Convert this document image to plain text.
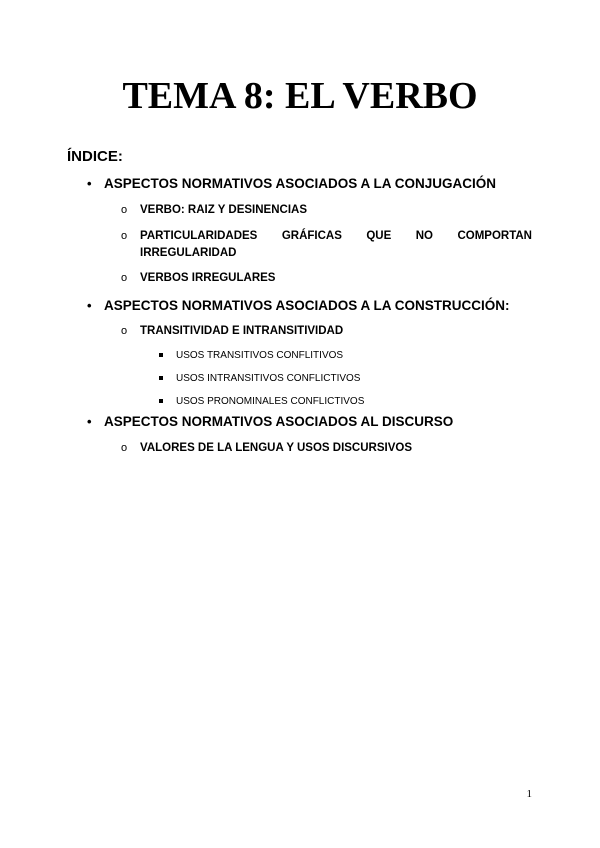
TEMA 8: EL VERBO
ÍNDICE:
• ASPECTOS NORMATIVOS ASOCIADOS A LA CONJUGACIÓN
o VERBO: RAIZ Y DESINENCIAS
o PARTICULARIDADES GRÁFICAS QUE NO COMPORTAN IRREGULARIDAD
o VERBOS IRREGULARES
• ASPECTOS NORMATIVOS ASOCIADOS A LA CONSTRUCCIÓN:
o TRANSITIVIDAD E INTRANSITIVIDAD
USOS TRANSITIVOS CONFLITIVOS
USOS INTRANSITIVOS CONFLICTIVOS
USOS PRONOMINALES CONFLICTIVOS
• ASPECTOS NORMATIVOS ASOCIADOS AL DISCURSO
o VALORES DE LA LENGUA Y USOS DISCURSIVOS
1
